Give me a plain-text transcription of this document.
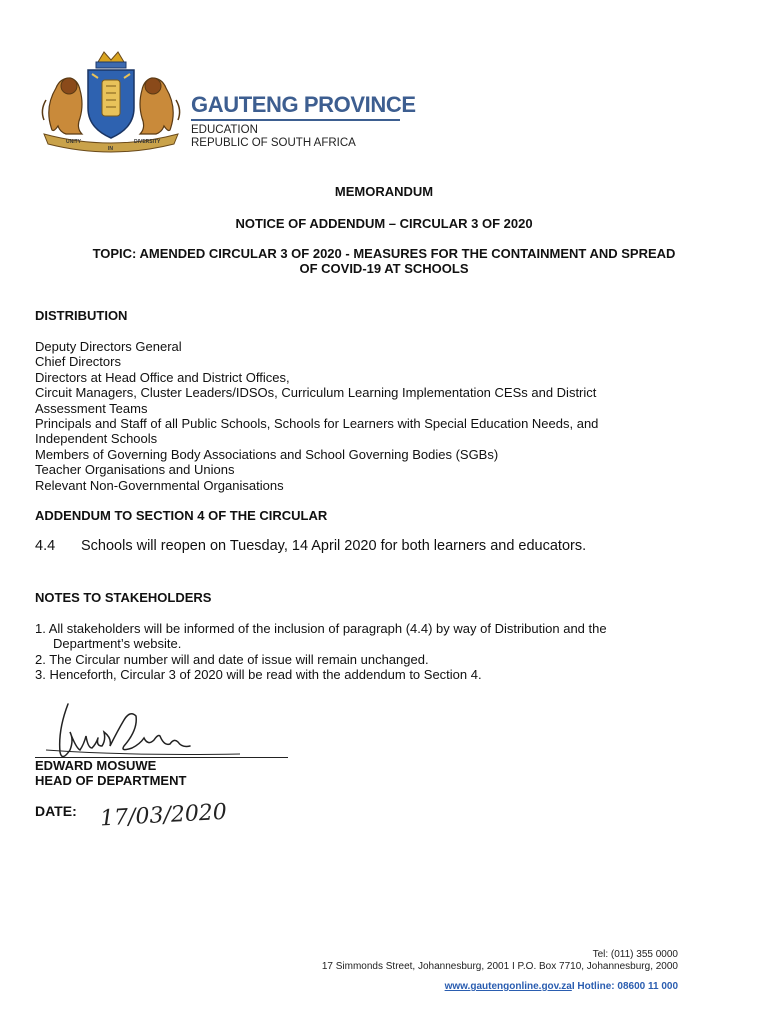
UNITY
IN
DIVERSITY
GAUTENG PROVINCE
EDUCATION
REPUBLIC OF SOUTH AFRICA
MEMORANDUM
NOTICE OF ADDENDUM – CIRCULAR 3 OF 2020
TOPIC: AMENDED CIRCULAR 3 OF 2020 - MEASURES FOR THE CONTAINMENT AND SPREAD
OF COVID-19 AT SCHOOLS
DISTRIBUTION
Deputy Directors General
Chief Directors
Directors at Head Office and District Offices,
Circuit Managers, Cluster Leaders/IDSOs, Curriculum Learning Implementation CESs and District
Assessment Teams
Principals and Staff of all Public Schools, Schools for Learners with Special Education Needs, and
Independent Schools
Members of Governing Body Associations and School Governing Bodies (SGBs)
Teacher Organisations and Unions
Relevant Non-Governmental Organisations
ADDENDUM TO SECTION 4 OF THE CIRCULAR
4.4 Schools will reopen on Tuesday, 14 April 2020 for both learners and educators.
NOTES TO STAKEHOLDERS
1. All stakeholders will be informed of the inclusion of paragraph (4.4) by way of Distribution and the
Department’s website.
2. The Circular number will and date of issue will remain unchanged.
3. Henceforth, Circular 3 of 2020 will be read with the addendum to Section 4.
EDWARD MOSUWE
HEAD OF DEPARTMENT
DATE: 17/03/2020
Tel: (011) 355 0000
17 Simmonds Street, Johannesburg, 2001 I P.O. Box 7710, Johannesburg, 2000
www.gautengonline.gov.zaI Hotline: 08600 11 000
